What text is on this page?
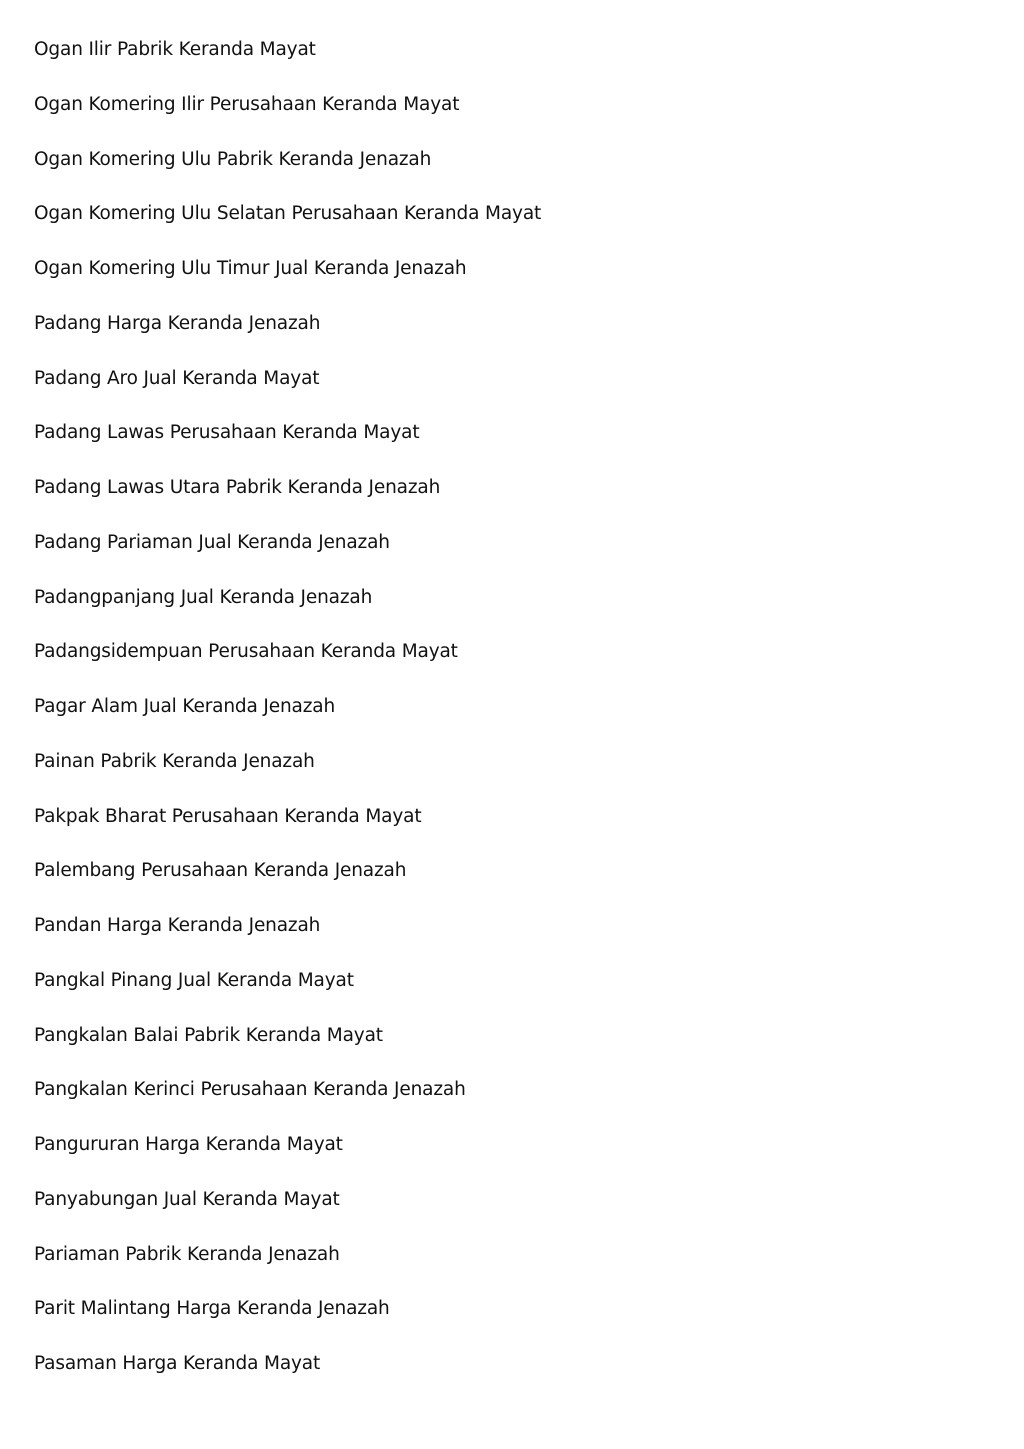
Ogan Ilir Pabrik Keranda Mayat
Ogan Komering Ilir Perusahaan Keranda Mayat
Ogan Komering Ulu Pabrik Keranda Jenazah
Ogan Komering Ulu Selatan Perusahaan Keranda Mayat
Ogan Komering Ulu Timur Jual Keranda Jenazah
Padang Harga Keranda Jenazah
Padang Aro Jual Keranda Mayat
Padang Lawas Perusahaan Keranda Mayat
Padang Lawas Utara Pabrik Keranda Jenazah
Padang Pariaman Jual Keranda Jenazah
Padangpanjang Jual Keranda Jenazah
Padangsidempuan Perusahaan Keranda Mayat
Pagar Alam Jual Keranda Jenazah
Painan Pabrik Keranda Jenazah
Pakpak Bharat Perusahaan Keranda Mayat
Palembang Perusahaan Keranda Jenazah
Pandan Harga Keranda Jenazah
Pangkal Pinang Jual Keranda Mayat
Pangkalan Balai Pabrik Keranda Mayat
Pangkalan Kerinci Perusahaan Keranda Jenazah
Pangururan Harga Keranda Mayat
Panyabungan Jual Keranda Mayat
Pariaman Pabrik Keranda Jenazah
Parit Malintang Harga Keranda Jenazah
Pasaman Harga Keranda Mayat
